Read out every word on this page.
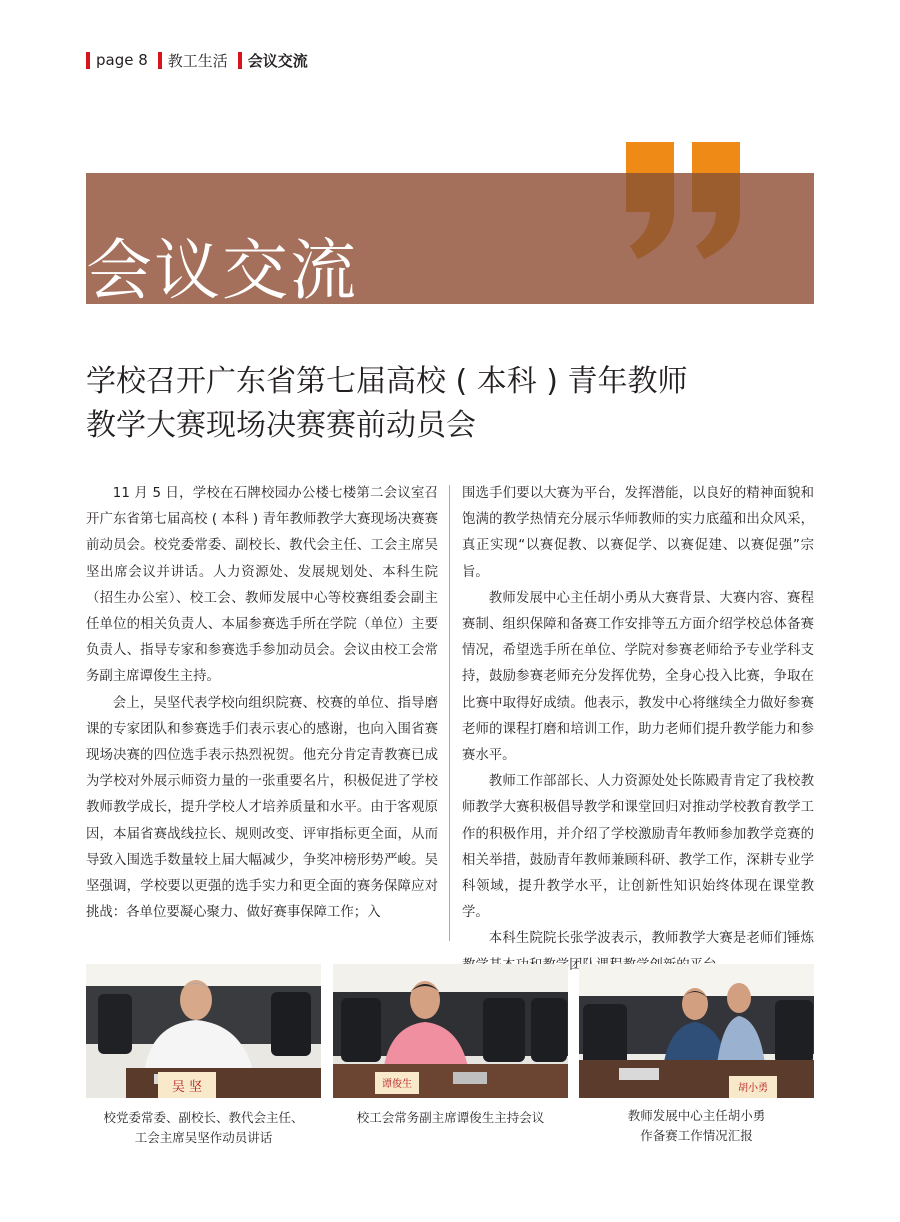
page 8 教工生活 会议交流
会议交流
学校召开广东省第七届高校 ( 本科 ) 青年教师
教学大赛现场决赛赛前动员会

11 月 5 日，学校在石牌校园办公楼七楼第二会议室召开广东省第七届高校 ( 本科 ) 青年教师教学大赛现场决赛赛前动员会。校党委常委、副校长、教代会主任、工会主席吴坚出席会议并讲话。人力资源处、发展规划处、本科生院（招生办公室）、校工会、教师发展中心等校赛组委会副主任单位的相关负责人、本届参赛选手所在学院（单位）主要负责人、指导专家和参赛选手参加动员会。会议由校工会常务副主席谭俊生主持。

会上，吴坚代表学校向组织院赛、校赛的单位、指导磨课的专家团队和参赛选手们表示衷心的感谢，也向入围省赛现场决赛的四位选手表示热烈祝贺。他充分肯定青教赛已成为学校对外展示师资力量的一张重要名片，积极促进了学校教师教学成长，提升学校人才培养质量和水平。由于客观原因，本届省赛战线拉长、规则改变、评审指标更全面，从而导致入围选手数量较上届大幅减少，争奖冲榜形势严峻。吴坚强调，学校要以更强的选手实力和更全面的赛务保障应对挑战：各单位要凝心聚力、做好赛事保障工作；入

围选手们要以大赛为平台，发挥潜能，以良好的精神面貌和饱满的教学热情充分展示华师教师的实力底蕴和出众风采，真正实现“以赛促教、以赛促学、以赛促建、以赛促强”宗旨。

教师发展中心主任胡小勇从大赛背景、大赛内容、赛程赛制、组织保障和备赛工作安排等五方面介绍学校总体备赛情况，希望选手所在单位、学院对参赛老师给予专业学科支持，鼓励参赛老师充分发挥优势，全身心投入比赛，争取在比赛中取得好成绩。他表示，教发中心将继续全力做好参赛老师的课程打磨和培训工作，助力老师们提升教学能力和参赛水平。

教师工作部部长、人力资源处处长陈殿青肯定了我校教师教学大赛积极倡导教学和课堂回归对推动学校教育教学工作的积极作用，并介绍了学校激励青年教师参加教学竞赛的相关举措，鼓励青年教师兼顾科研、教学工作，深耕专业学科领域，提升教学水平，让创新性知识始终体现在课堂教学。

本科生院院长张学波表示，教师教学大赛是老师们锤炼 学团

吴 坚	谭俊生	胡小勇
校党委常委、副校长、教代会主任、
工会主席吴坚作动员讲话
校工会常务副主席谭俊生主持会议	教师发展中心主任胡小勇
作备赛工作情况汇报
